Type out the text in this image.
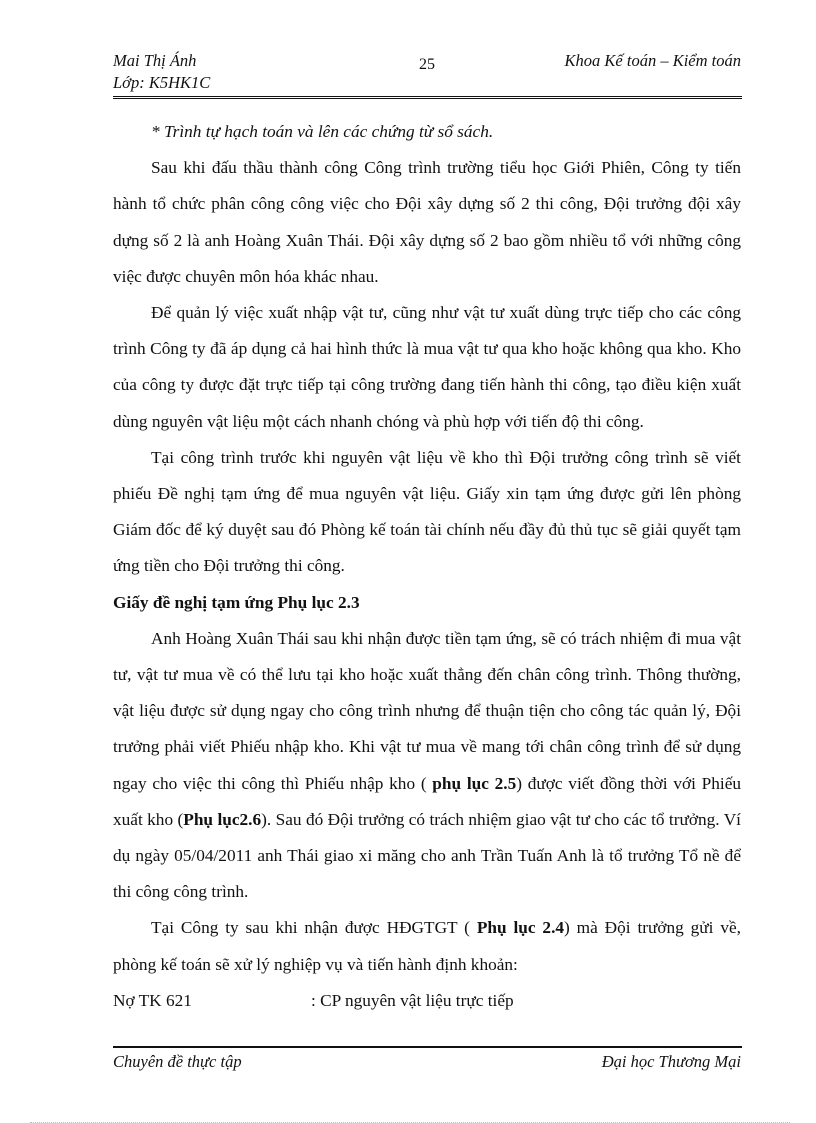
Mai Thị Ánh
Lớp: K5HK1C
25	Khoa Kế toán – Kiểm toán

* Trình tự hạch toán và lên các chứng từ sổ sách.

Sau khi đấu thầu thành công Công trình trường tiểu học Giới Phiên, Công ty tiến hành tổ chức phân công công việc cho Đội xây dựng số 2 thi công, Đội trưởng đội xây dựng số 2 là anh Hoàng Xuân Thái. Đội xây dựng số 2 bao gồm nhiều tổ với những công việc được chuyên môn hóa khác nhau.

Để quản lý việc xuất nhập vật tư, cũng như vật tư xuất dùng trực tiếp cho các công trình Công ty đã áp dụng cả hai hình thức là mua vật tư qua kho hoặc không qua kho. Kho của công ty được đặt trực tiếp tại công trường đang tiến hành thi công, tạo điều kiện xuất dùng nguyên vật liệu một cách nhanh chóng và phù hợp với tiến độ thi công.

Tại công trình trước khi nguyên vật liệu về kho thì Đội trưởng công trình sẽ viết phiếu Đề nghị tạm ứng để mua nguyên vật liệu. Giấy xin tạm ứng được gửi lên phòng Giám đốc để ký duyệt sau đó Phòng kế toán tài chính nếu đầy đủ thủ tục sẽ giải quyết tạm ứng tiền cho Đội trưởng thi công.

Giấy đề nghị tạm ứng Phụ lục 2.3

Anh Hoàng Xuân Thái sau khi nhận được tiền tạm ứng, sẽ có trách nhiệm đi mua vật tư, vật tư mua về có thể lưu tại kho hoặc xuất thẳng đến chân công trình. Thông thường, vật liệu được sử dụng ngay cho công trình nhưng để thuận tiện cho công tác quản lý, Đội trưởng phải viết Phiếu nhập kho. Khi vật tư mua về mang tới chân công trình để sử dụng ngay cho việc thi công thì Phiếu nhập kho ( phụ lục 2.5) được viết đồng thời với Phiếu xuất kho (Phụ lục2.6). Sau đó Đội trưởng có trách nhiệm giao vật tư cho các tổ trưởng. Ví dụ ngày 05/04/2011 anh Thái giao xi măng cho anh Trần Tuấn Anh là tổ trưởng Tổ nề để thi công công trình.

Tại Công ty sau khi nhận được HĐGTGT ( Phụ lục 2.4) mà Đội trưởng gửi về, phòng kế toán sẽ xử lý nghiệp vụ và tiến hành định khoản:

Nợ TK 621	: CP nguyên vật liệu trực tiếp
Chuyên đề thực tập	Đại học Thương Mại
